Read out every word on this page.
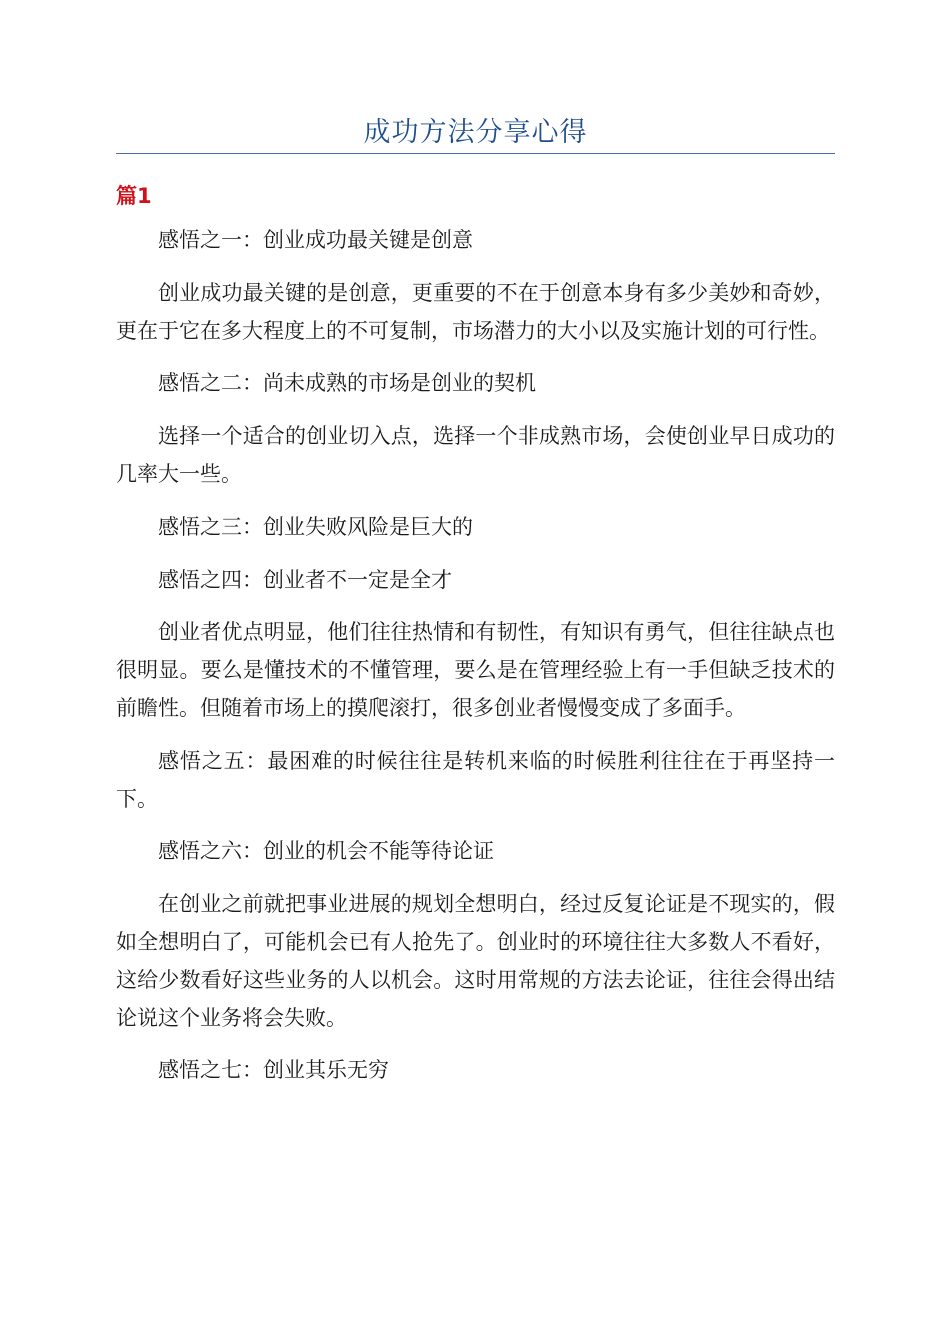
成功方法分享心得
篇1

感悟之一：创业成功最关键是创意

创业成功最关键的是创意，更重要的不在于创意本身有多少美妙和奇妙，更在于它在多大程度上的不可复制，市场潜力的大小以及实施计划的可行性。

感悟之二：尚未成熟的市场是创业的契机

选择一个适合的创业切入点，选择一个非成熟市场，会使创业早日成功的几率大一些。

感悟之三：创业失败风险是巨大的

感悟之四：创业者不一定是全才

创业者优点明显，他们往往热情和有韧性，有知识有勇气，但往往缺点也很明显。要么是懂技术的不懂管理，要么是在管理经验上有一手但缺乏技术的前瞻性。但随着市场上的摸爬滚打，很多创业者慢慢变成了多面手。

感悟之五：最困难的时候往往是转机来临的时候胜利往往在于再坚持一下。

感悟之六：创业的机会不能等待论证

在创业之前就把事业进展的规划全想明白，经过反复论证是不现实的，假如全想明白了，可能机会已有人抢先了。创业时的环境往往大多数人不看好，这给少数看好这些业务的人以机会。这时用常规的方法去论证，往往会得出结论说这个业务将会失败。

感悟之七：创业其乐无穷
